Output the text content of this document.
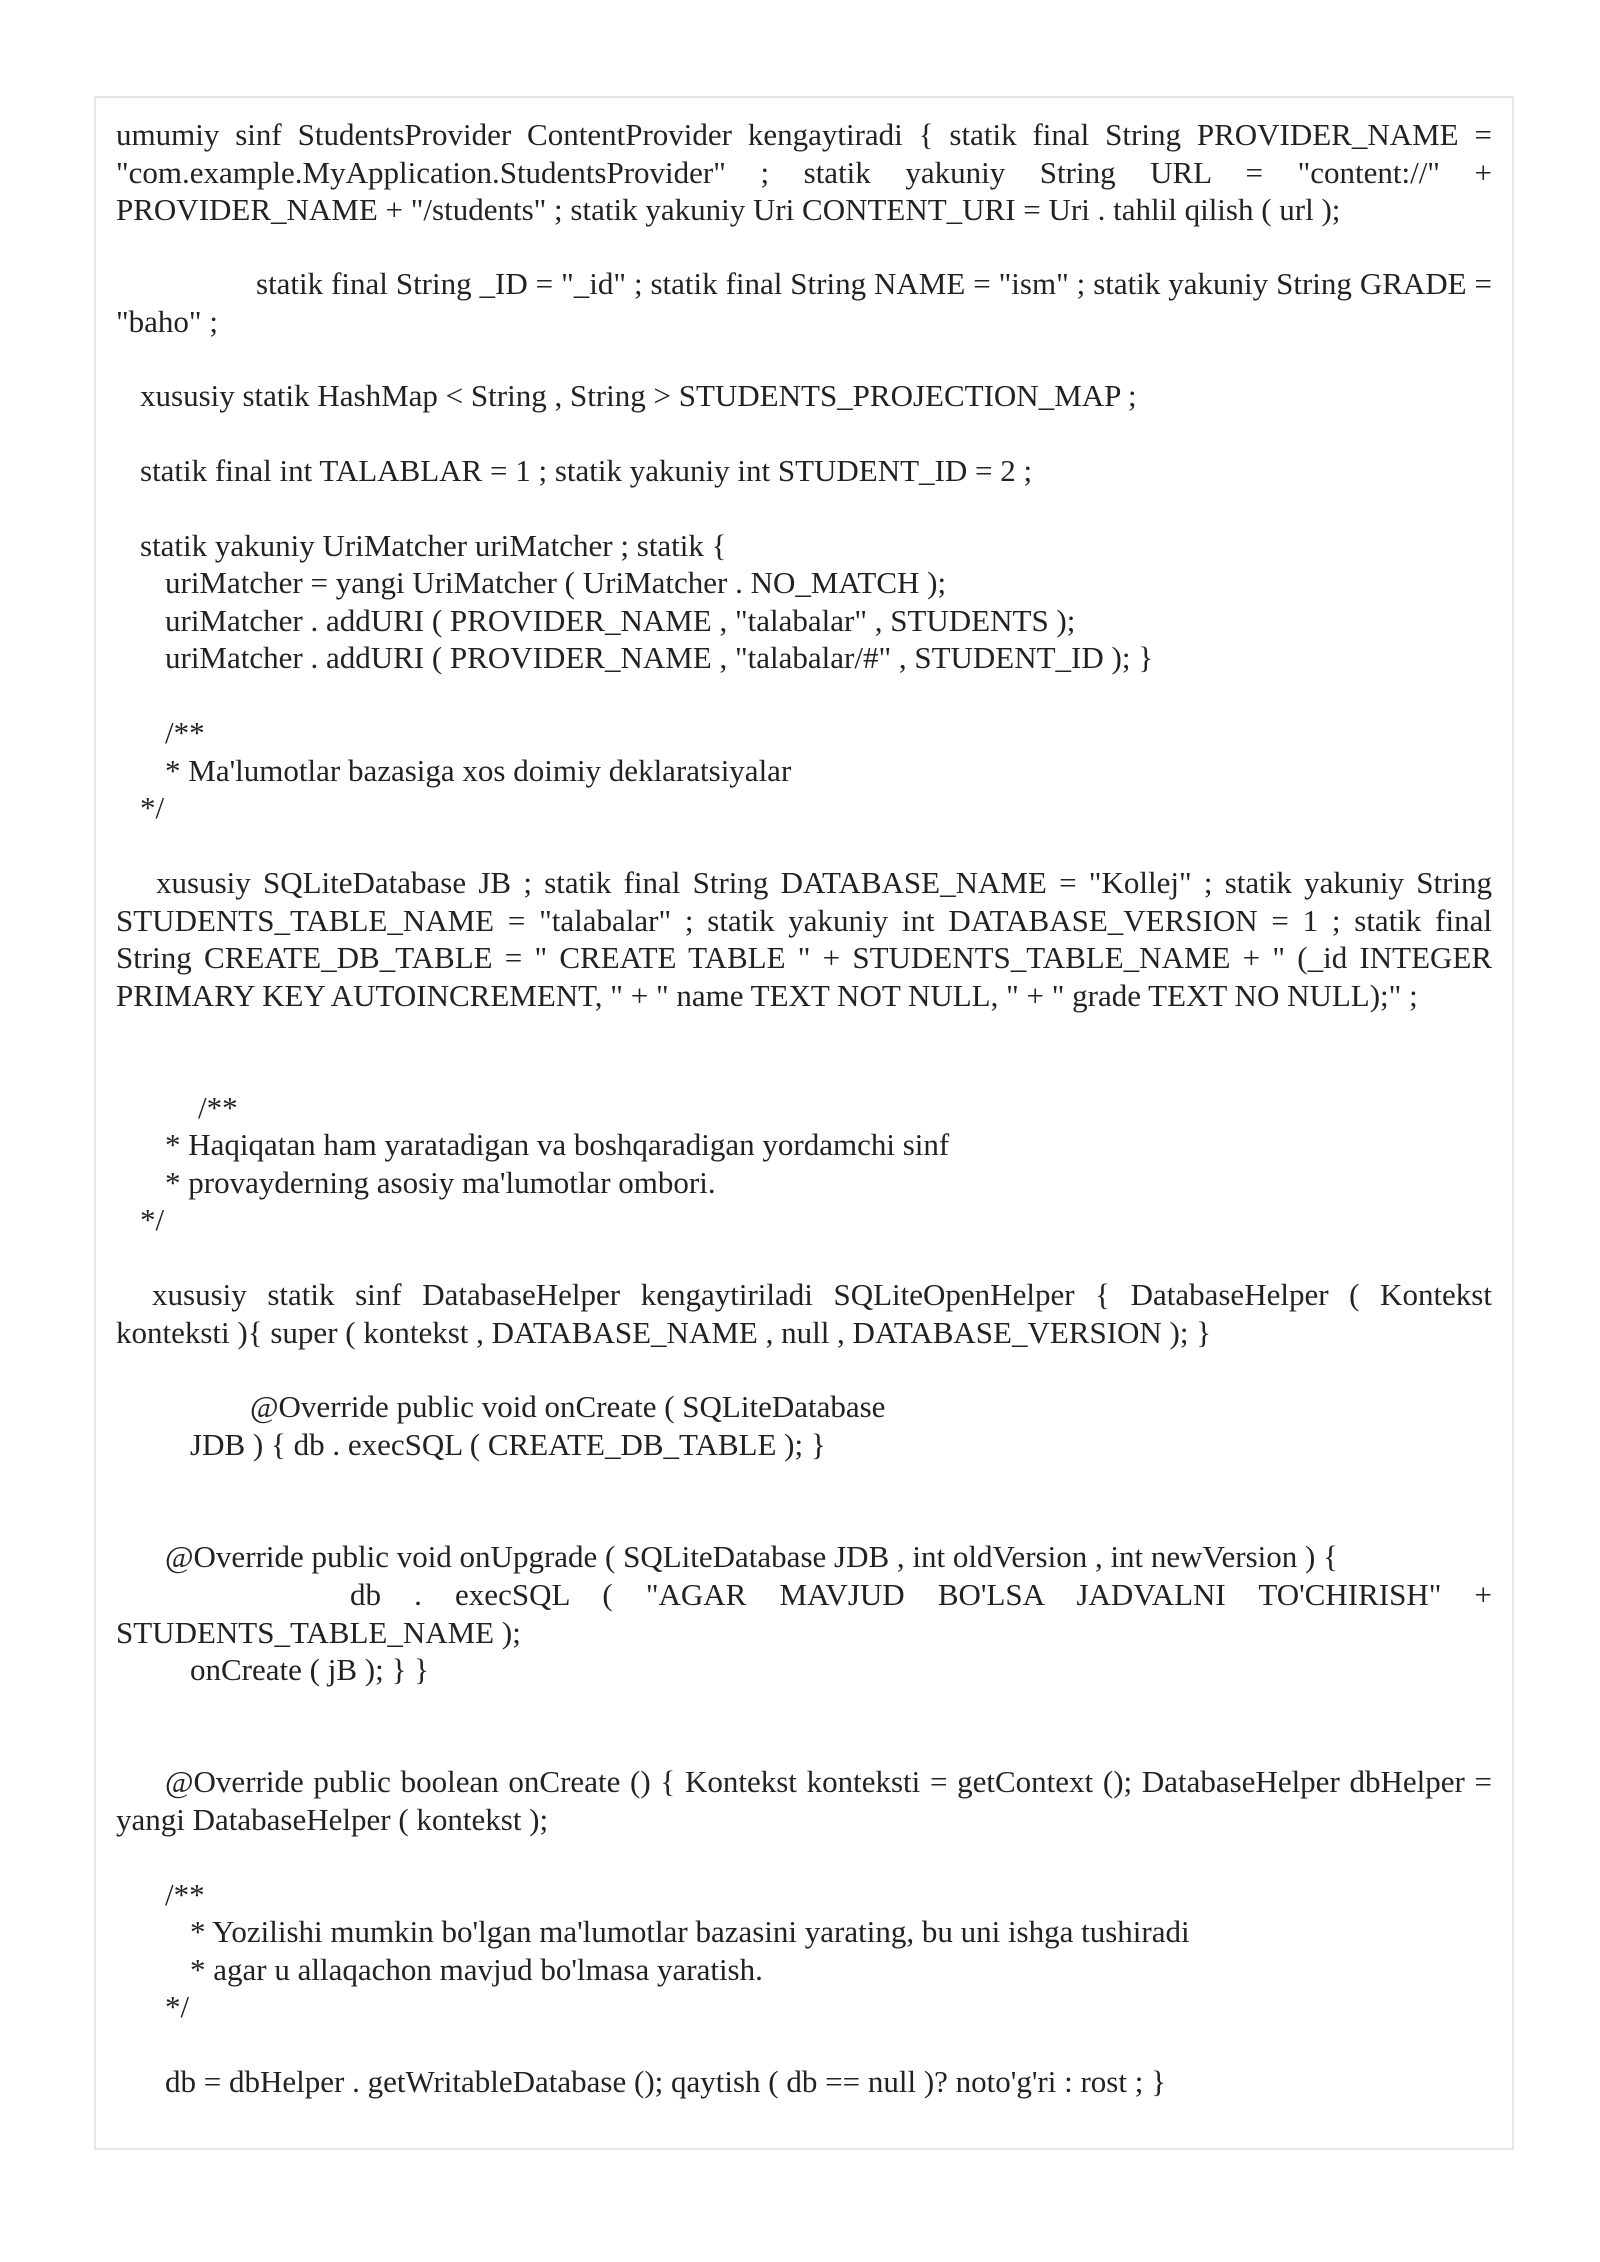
umumiy sinf StudentsProvider ContentProvider kengaytiradi { statik final String PROVIDER_NAME = "com.example.MyApplication.StudentsProvider" ; statik yakuniy String URL = "content://" + PROVIDER_NAME + "/students" ; statik yakuniy Uri CONTENT_URI = Uri . tahlil qilish ( url );

statik final String _ID = "_id" ; statik final String NAME = "ism" ; statik yakuniy String GRADE = "baho" ;

xususiy statik HashMap < String , String > STUDENTS_PROJECTION_MAP ;

statik final int TALABLAR = 1 ; statik yakuniy int STUDENT_ID = 2 ;

statik yakuniy UriMatcher uriMatcher ; statik {

uriMatcher = yangi UriMatcher ( UriMatcher . NO_MATCH );

uriMatcher . addURI ( PROVIDER_NAME , "talabalar" , STUDENTS );

uriMatcher . addURI ( PROVIDER_NAME , "talabalar/#" , STUDENT_ID ); }

/**

* Ma'lumotlar bazasiga xos doimiy deklaratsiyalar

*/

xususiy SQLiteDatabase JB ; statik final String DATABASE_NAME = "Kollej" ; statik yakuniy String STUDENTS_TABLE_NAME = "talabalar" ; statik yakuniy int DATABASE_VERSION = 1 ; statik final String CREATE_DB_TABLE = " CREATE TABLE " + STUDENTS_TABLE_NAME + " (_id INTEGER PRIMARY KEY AUTOINCREMENT, " + " name TEXT NOT NULL, " + " grade TEXT NO NULL);" ;

/**

* Haqiqatan ham yaratadigan va boshqaradigan yordamchi sinf

* provayderning asosiy ma'lumotlar ombori.

*/

xususiy statik sinf DatabaseHelper kengaytiriladi SQLiteOpenHelper { DatabaseHelper ( Kontekst konteksti ){ super ( kontekst , DATABASE_NAME , null , DATABASE_VERSION ); }

@Override public void onCreate ( SQLiteDatabase

JDB ) { db . execSQL ( CREATE_DB_TABLE ); }

@Override public void onUpgrade ( SQLiteDatabase JDB , int oldVersion , int newVersion ) {

db . execSQL ( "AGAR MAVJUD BO'LSA JADVALNI TO'CHIRISH" + STUDENTS_TABLE_NAME );

onCreate ( jB ); } }

@Override public boolean onCreate () { Kontekst konteksti = getContext (); DatabaseHelper dbHelper = yangi DatabaseHelper ( kontekst );

/**

* Yozilishi mumkin bo'lgan ma'lumotlar bazasini yarating, bu uni ishga tushiradi

* agar u allaqachon mavjud bo'lmasa yaratish.

*/

db = dbHelper . getWritableDatabase (); qaytish ( db == null )? noto'g'ri : rost ; }
